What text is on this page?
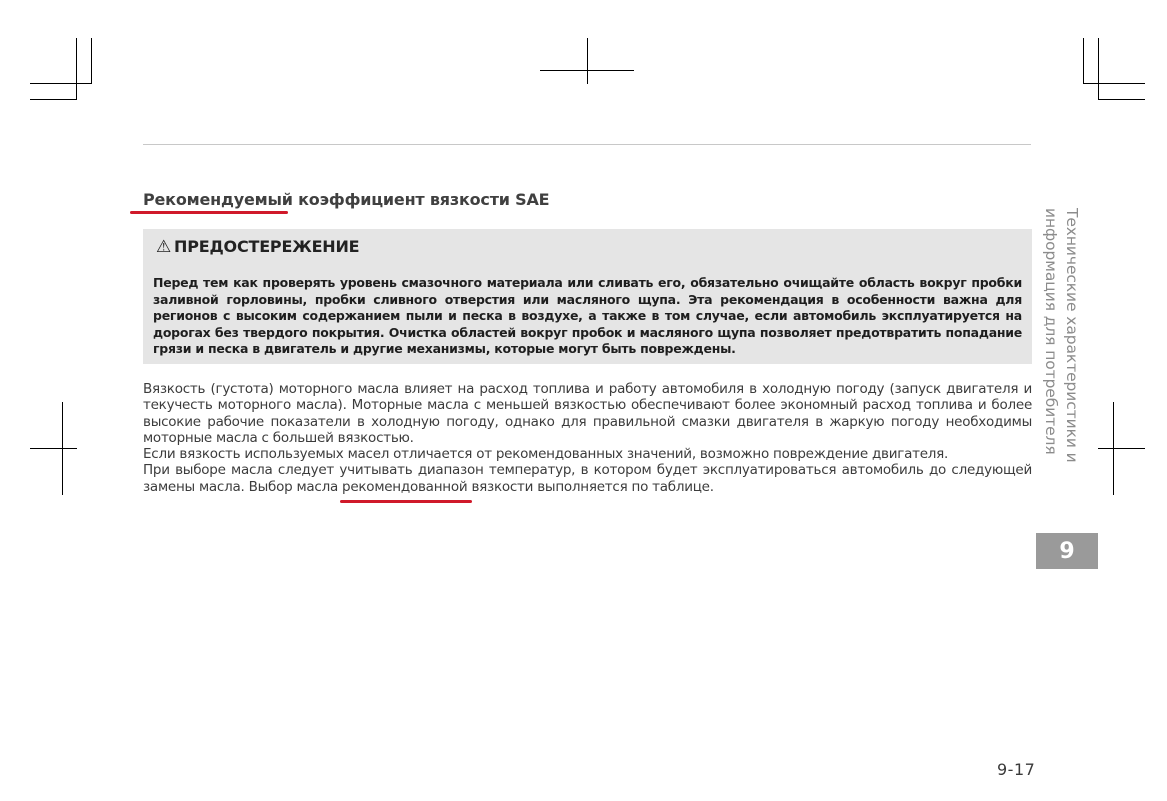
Рекомендуемый коэффициент вязкости SAE
⚠ ПРЕДОСТЕРЕЖЕНИЕ

Перед тем как проверять уровень смазочного материала или сливать его, обязательно очищайте область вокруг пробки заливной горловины, пробки сливного отверстия или масляного щупа. Эта рекомендация в особенности важна для регионов с высоким содержанием пыли и песка в воздухе, а также в том случае, если автомобиль эксплуатируется на дорогах без твердого покрытия. Очистка областей вокруг пробок и масляного щупа позволяет предотвратить попадание грязи и песка в двигатель и другие механизмы, которые могут быть повреждены.

Вязкость (густота) моторного масла влияет на расход топлива и работу автомобиля в холодную погоду (запуск двигателя и текучесть моторного масла). Моторные масла с меньшей вязкостью обеспечивают более экономный расход топлива и более высокие рабочие показатели в холодную погоду, однако для правильной смазки двигателя в жаркую погоду необходимы моторные масла с большей вязкостью.

Если вязкость используемых масел отличается от рекомендованных значений, возможно повреждение двигателя.

При выборе масла следует учитывать диапазон температур, в котором будет эксплуатироваться автомобиль до следующей замены масла. Выбор масла рекомендованной вязкости выполняется по таблице.

Технические характеристики и информация для потребителя
9
9-17
